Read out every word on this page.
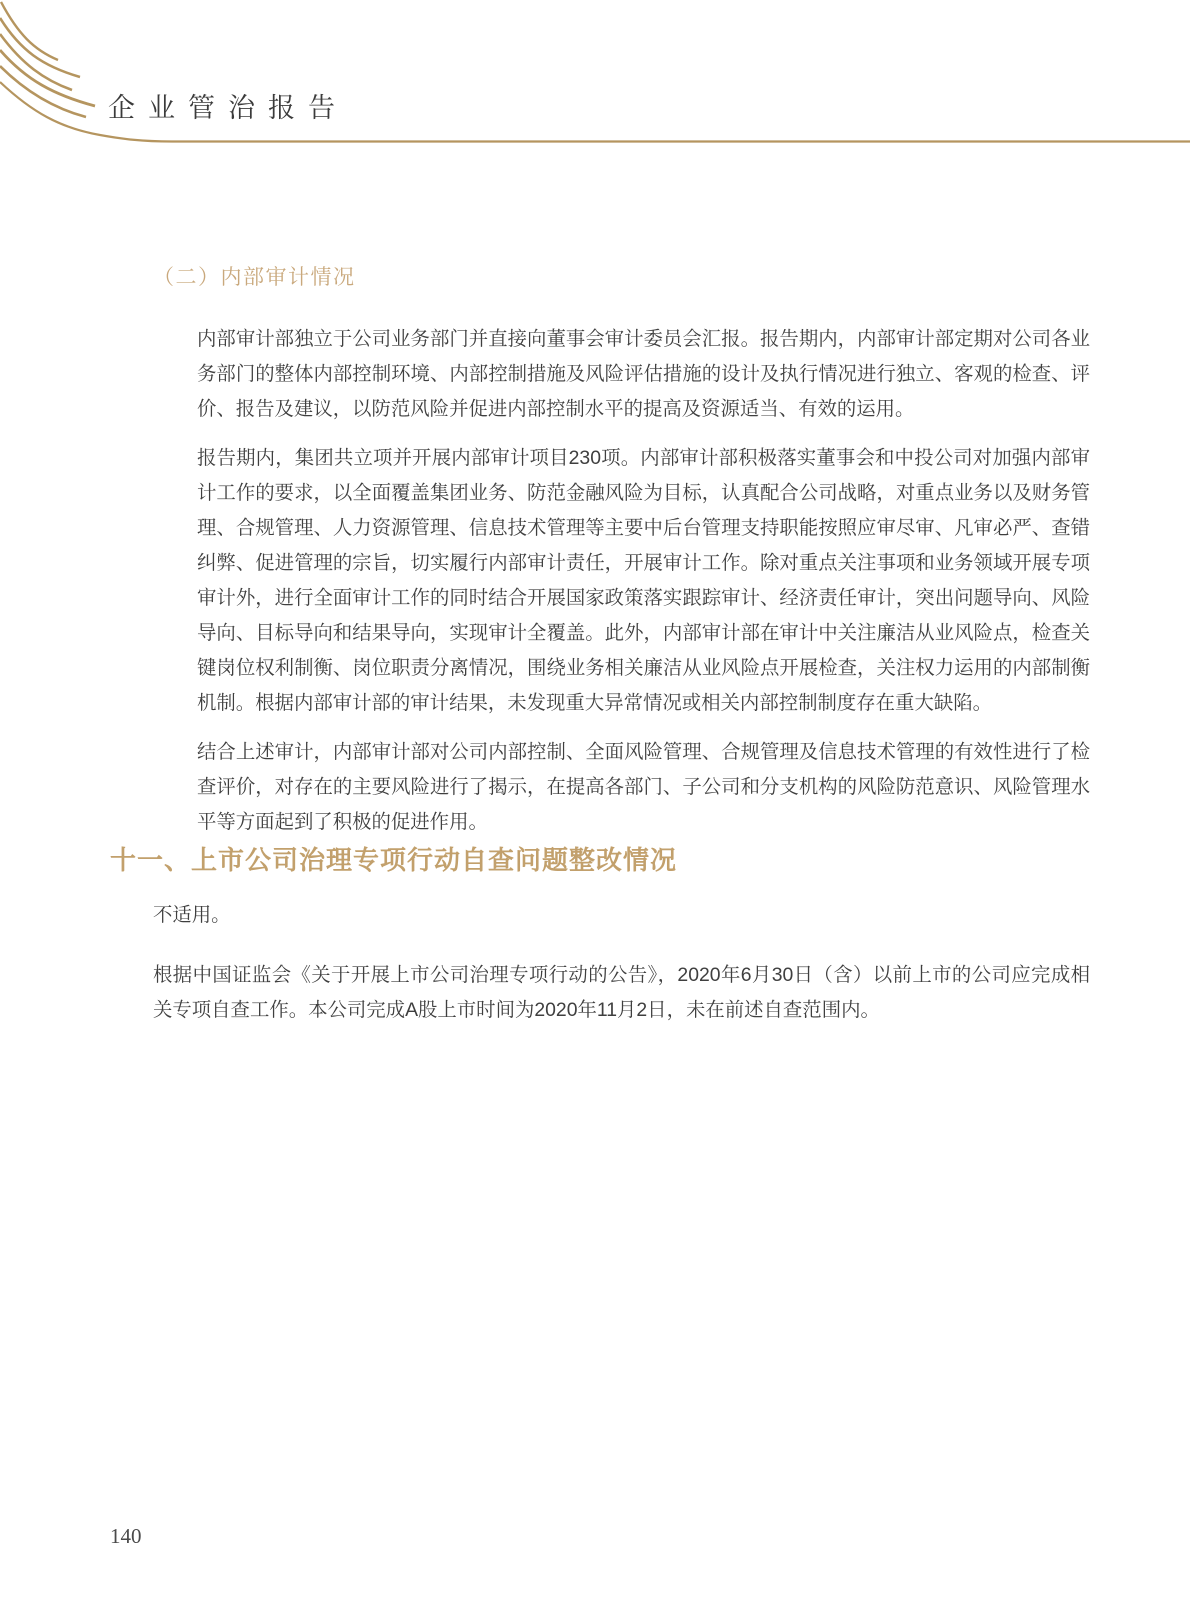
企业管治报告
（二）内部审计情况

内部审计部独立于公司业务部门并直接向董事会审计委员会汇报。报告期内，内部审计部定期对公司各业务部门的整体内部控制环境、内部控制措施及风险评估措施的设计及执行情况进行独立、客观的检查、评价、报告及建议，以防范风险并促进内部控制水平的提高及资源适当、有效的运用。

报告期内，集团共立项并开展内部审计项目230项。内部审计部积极落实董事会和中投公司对加强内部审计工作的要求，以全面覆盖集团业务、防范金融风险为目标，认真配合公司战略，对重点业务以及财务管理、合规管理、人力资源管理、信息技术管理等主要中后台管理支持职能按照应审尽审、凡审必严、查错纠弊、促进管理的宗旨，切实履行内部审计责任，开展审计工作。除对重点关注事项和业务领域开展专项审计外，进行全面审计工作的同时结合开展国家政策落实跟踪审计、经济责任审计，突出问题导向、风险导向、目标导向和结果导向，实现审计全覆盖。此外，内部审计部在审计中关注廉洁从业风险点，检查关键岗位权利制衡、岗位职责分离情况，围绕业务相关廉洁从业风险点开展检查，关注权力运用的内部制衡机制。根据内部审计部的审计结果，未发现重大异常情况或相关内部控制制度存在重大缺陷。

结合上述审计，内部审计部对公司内部控制、全面风险管理、合规管理及信息技术管理的有效性进行了检查评价，对存在的主要风险进行了揭示，在提高各部门、子公司和分支机构的风险防范意识、风险管理水平等方面起到了积极的促进作用。

十一、上市公司治理专项行动自查问题整改情况
不适用。
根据中国证监会《关于开展上市公司治理专项行动的公告》，2020年6月30日（含）以前上市的公司应完成相关专项自查工作。本公司完成A股上市时间为2020年11月2日，未在前述自查范围内。
140
